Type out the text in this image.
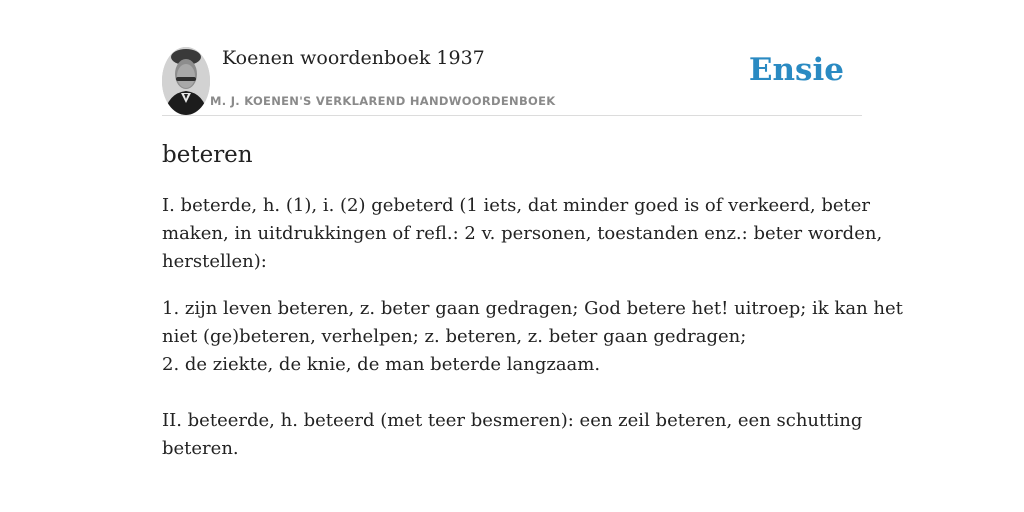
Koenen woordenboek 1937
M. J. KOENEN'S VERKLAREND HANDWOORDENBOEK
Ensie
beteren

I. beterde, h. (1), i. (2) gebeterd (1 iets, dat minder goed is of verkeerd, beter
maken, in uitdrukkingen of refl.: 2 v. personen, toestanden enz.: beter worden,
herstellen):

1. zijn leven beteren, z. beter gaan gedragen; God betere het! uitroep; ik kan het
niet (ge)beteren, verhelpen; z. beteren, z. beter gaan gedragen;
2. de ziekte, de knie, de man beterde langzaam.

II. beteerde, h. beteerd (met teer besmeren): een zeil beteren, een schutting
beteren.
